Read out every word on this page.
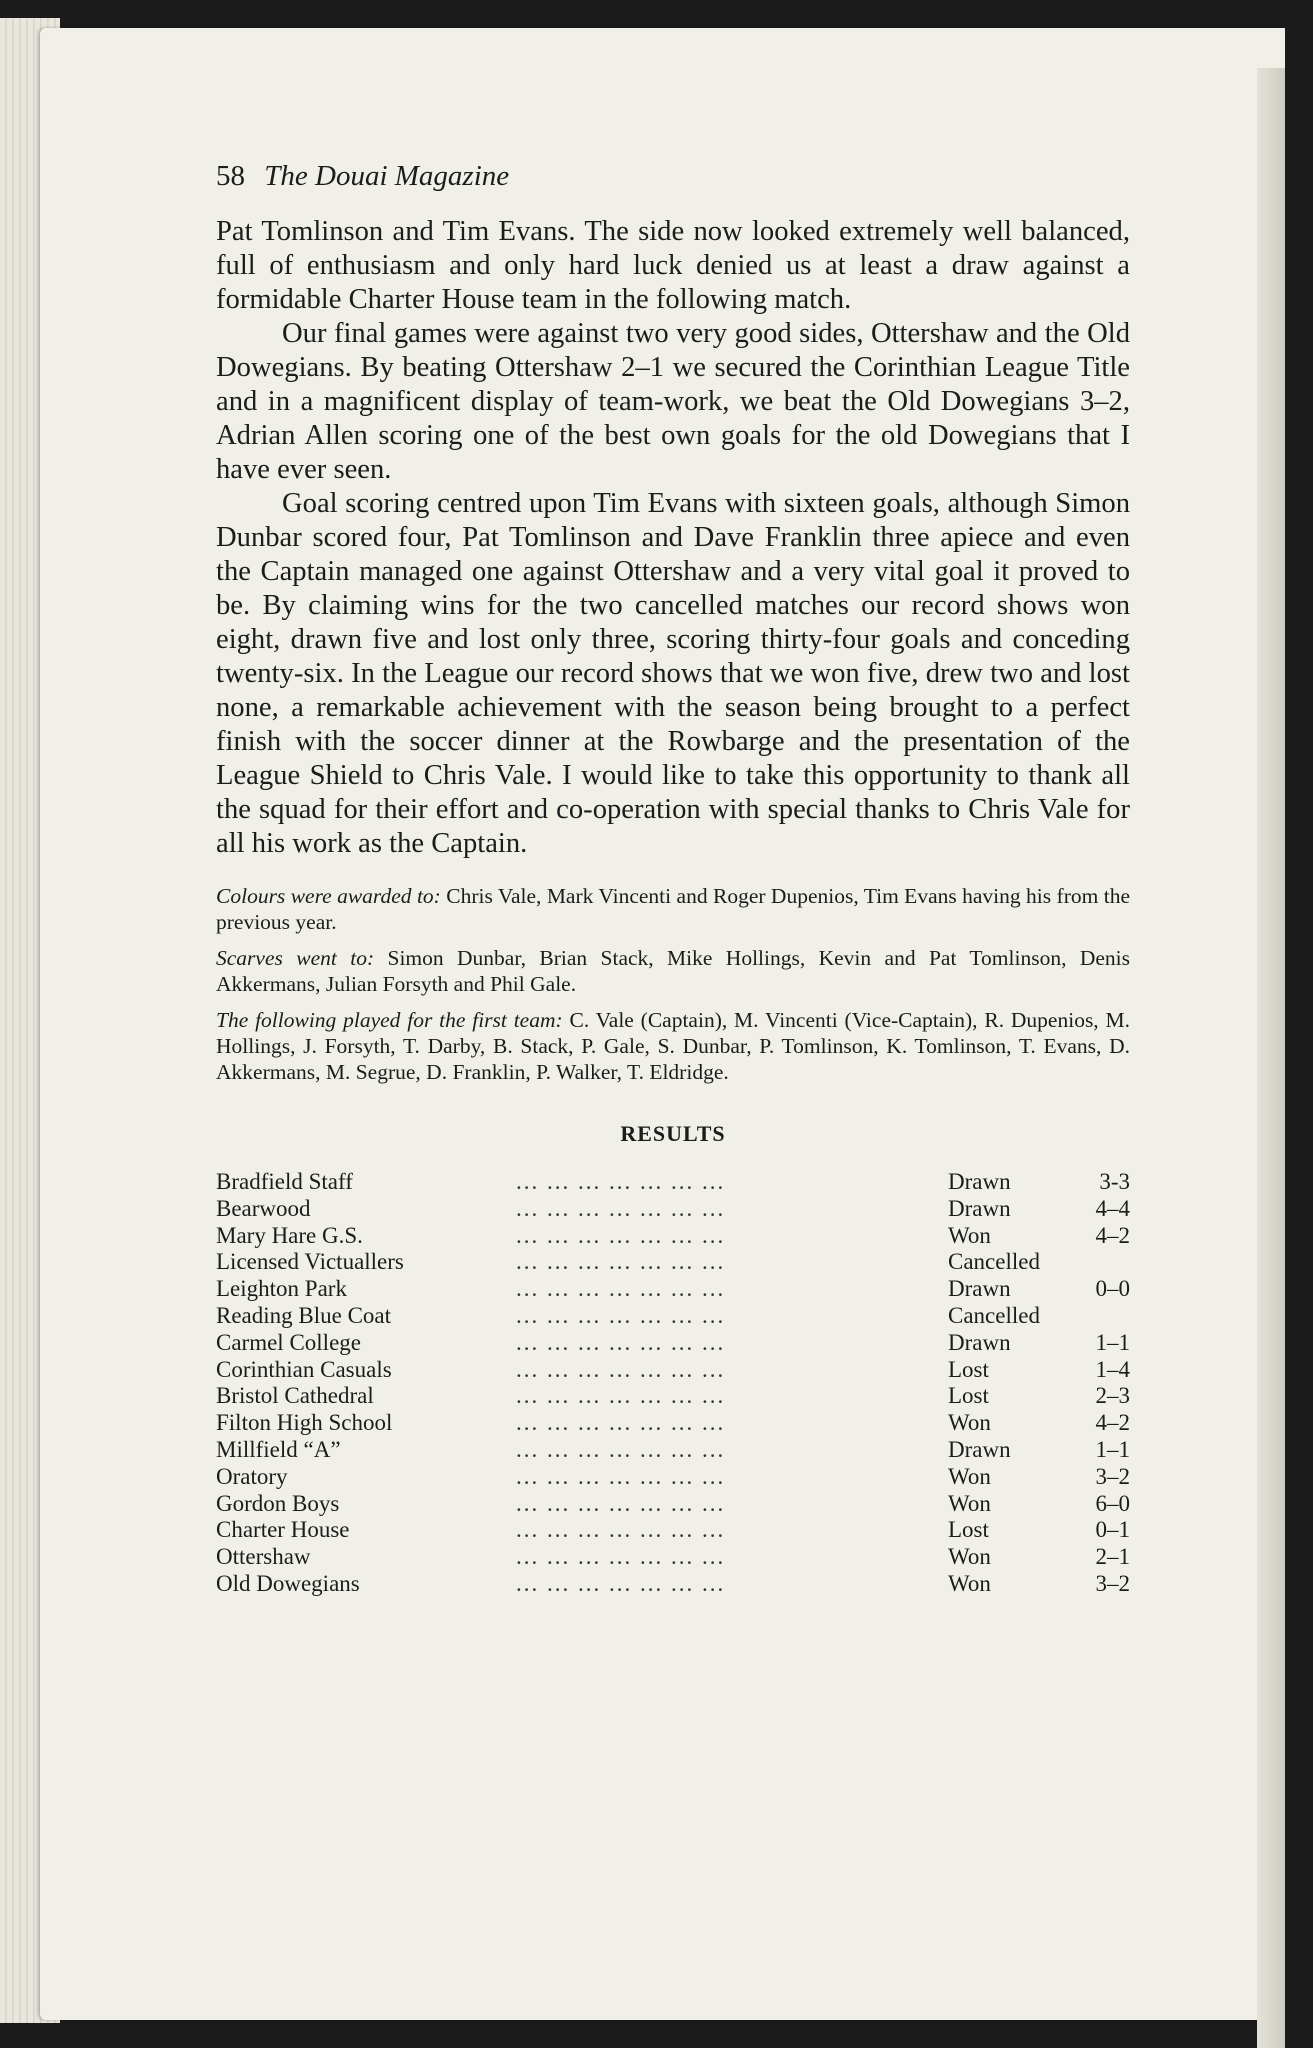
58 The Douai Magazine

Pat Tomlinson and Tim Evans. The side now looked extremely well balanced, full of enthusiasm and only hard luck denied us at least a draw against a formidable Charter House team in the following match.

Our final games were against two very good sides, Ottershaw and the Old Dowegians. By beating Ottershaw 2–1 we secured the Corinthian League Title and in a magnificent display of team-work, we beat the Old Dowegians 3–2, Adrian Allen scoring one of the best own goals for the old Dowegians that I have ever seen.

Goal scoring centred upon Tim Evans with sixteen goals, although Simon Dunbar scored four, Pat Tomlinson and Dave Franklin three apiece and even the Captain managed one against Ottershaw and a very vital goal it proved to be. By claiming wins for the two cancelled matches our record shows won eight, drawn five and lost only three, scoring thirty-four goals and conceding twenty-six. In the League our record shows that we won five, drew two and lost none, a remarkable achievement with the season being brought to a perfect finish with the soccer dinner at the Rowbarge and the presentation of the League Shield to Chris Vale. I would like to take this opportunity to thank all the squad for their effort and co-operation with special thanks to Chris Vale for all his work as the Captain.

Colours were awarded to: Chris Vale, Mark Vincenti and Roger Dupenios, Tim Evans having his from the previous year.

Scarves went to: Simon Dunbar, Brian Stack, Mike Hollings, Kevin and Pat Tomlinson, Denis Akkermans, Julian Forsyth and Phil Gale.

The following played for the first team: C. Vale (Captain), M. Vincenti (Vice-Captain), R. Dupenios, M. Hollings, J. Forsyth, T. Darby, B. Stack, P. Gale, S. Dunbar, P. Tomlinson, K. Tomlinson, T. Evans, D. Akkermans, M. Segrue, D. Franklin, P. Walker, T. Eldridge.

RESULTS
Bradfield Staff	... ... ... ... ... ... ...	Drawn	3-3
Bearwood	... ... ... ... ... ... ...	Drawn	4–4
Mary Hare G.S.	... ... ... ... ... ... ...	Won	4–2
Licensed Victuallers	... ... ... ... ... ... ...	Cancelled	
Leighton Park	... ... ... ... ... ... ...	Drawn	0–0
Reading Blue Coat	... ... ... ... ... ... ...	Cancelled	
Carmel College	... ... ... ... ... ... ...	Drawn	1–1
Corinthian Casuals	... ... ... ... ... ... ...	Lost	1–4
Bristol Cathedral	... ... ... ... ... ... ...	Lost	2–3
Filton High School	... ... ... ... ... ... ...	Won	4–2
Millfield “A”	... ... ... ... ... ... ...	Drawn	1–1
Oratory	... ... ... ... ... ... ...	Won	3–2
Gordon Boys	... ... ... ... ... ... ...	Won	6–0
Charter House	... ... ... ... ... ... ...	Lost	0–1
Ottershaw	... ... ... ... ... ... ...	Won	2–1
Old Dowegians	... ... ... ... ... ... ...	Won	3–2
